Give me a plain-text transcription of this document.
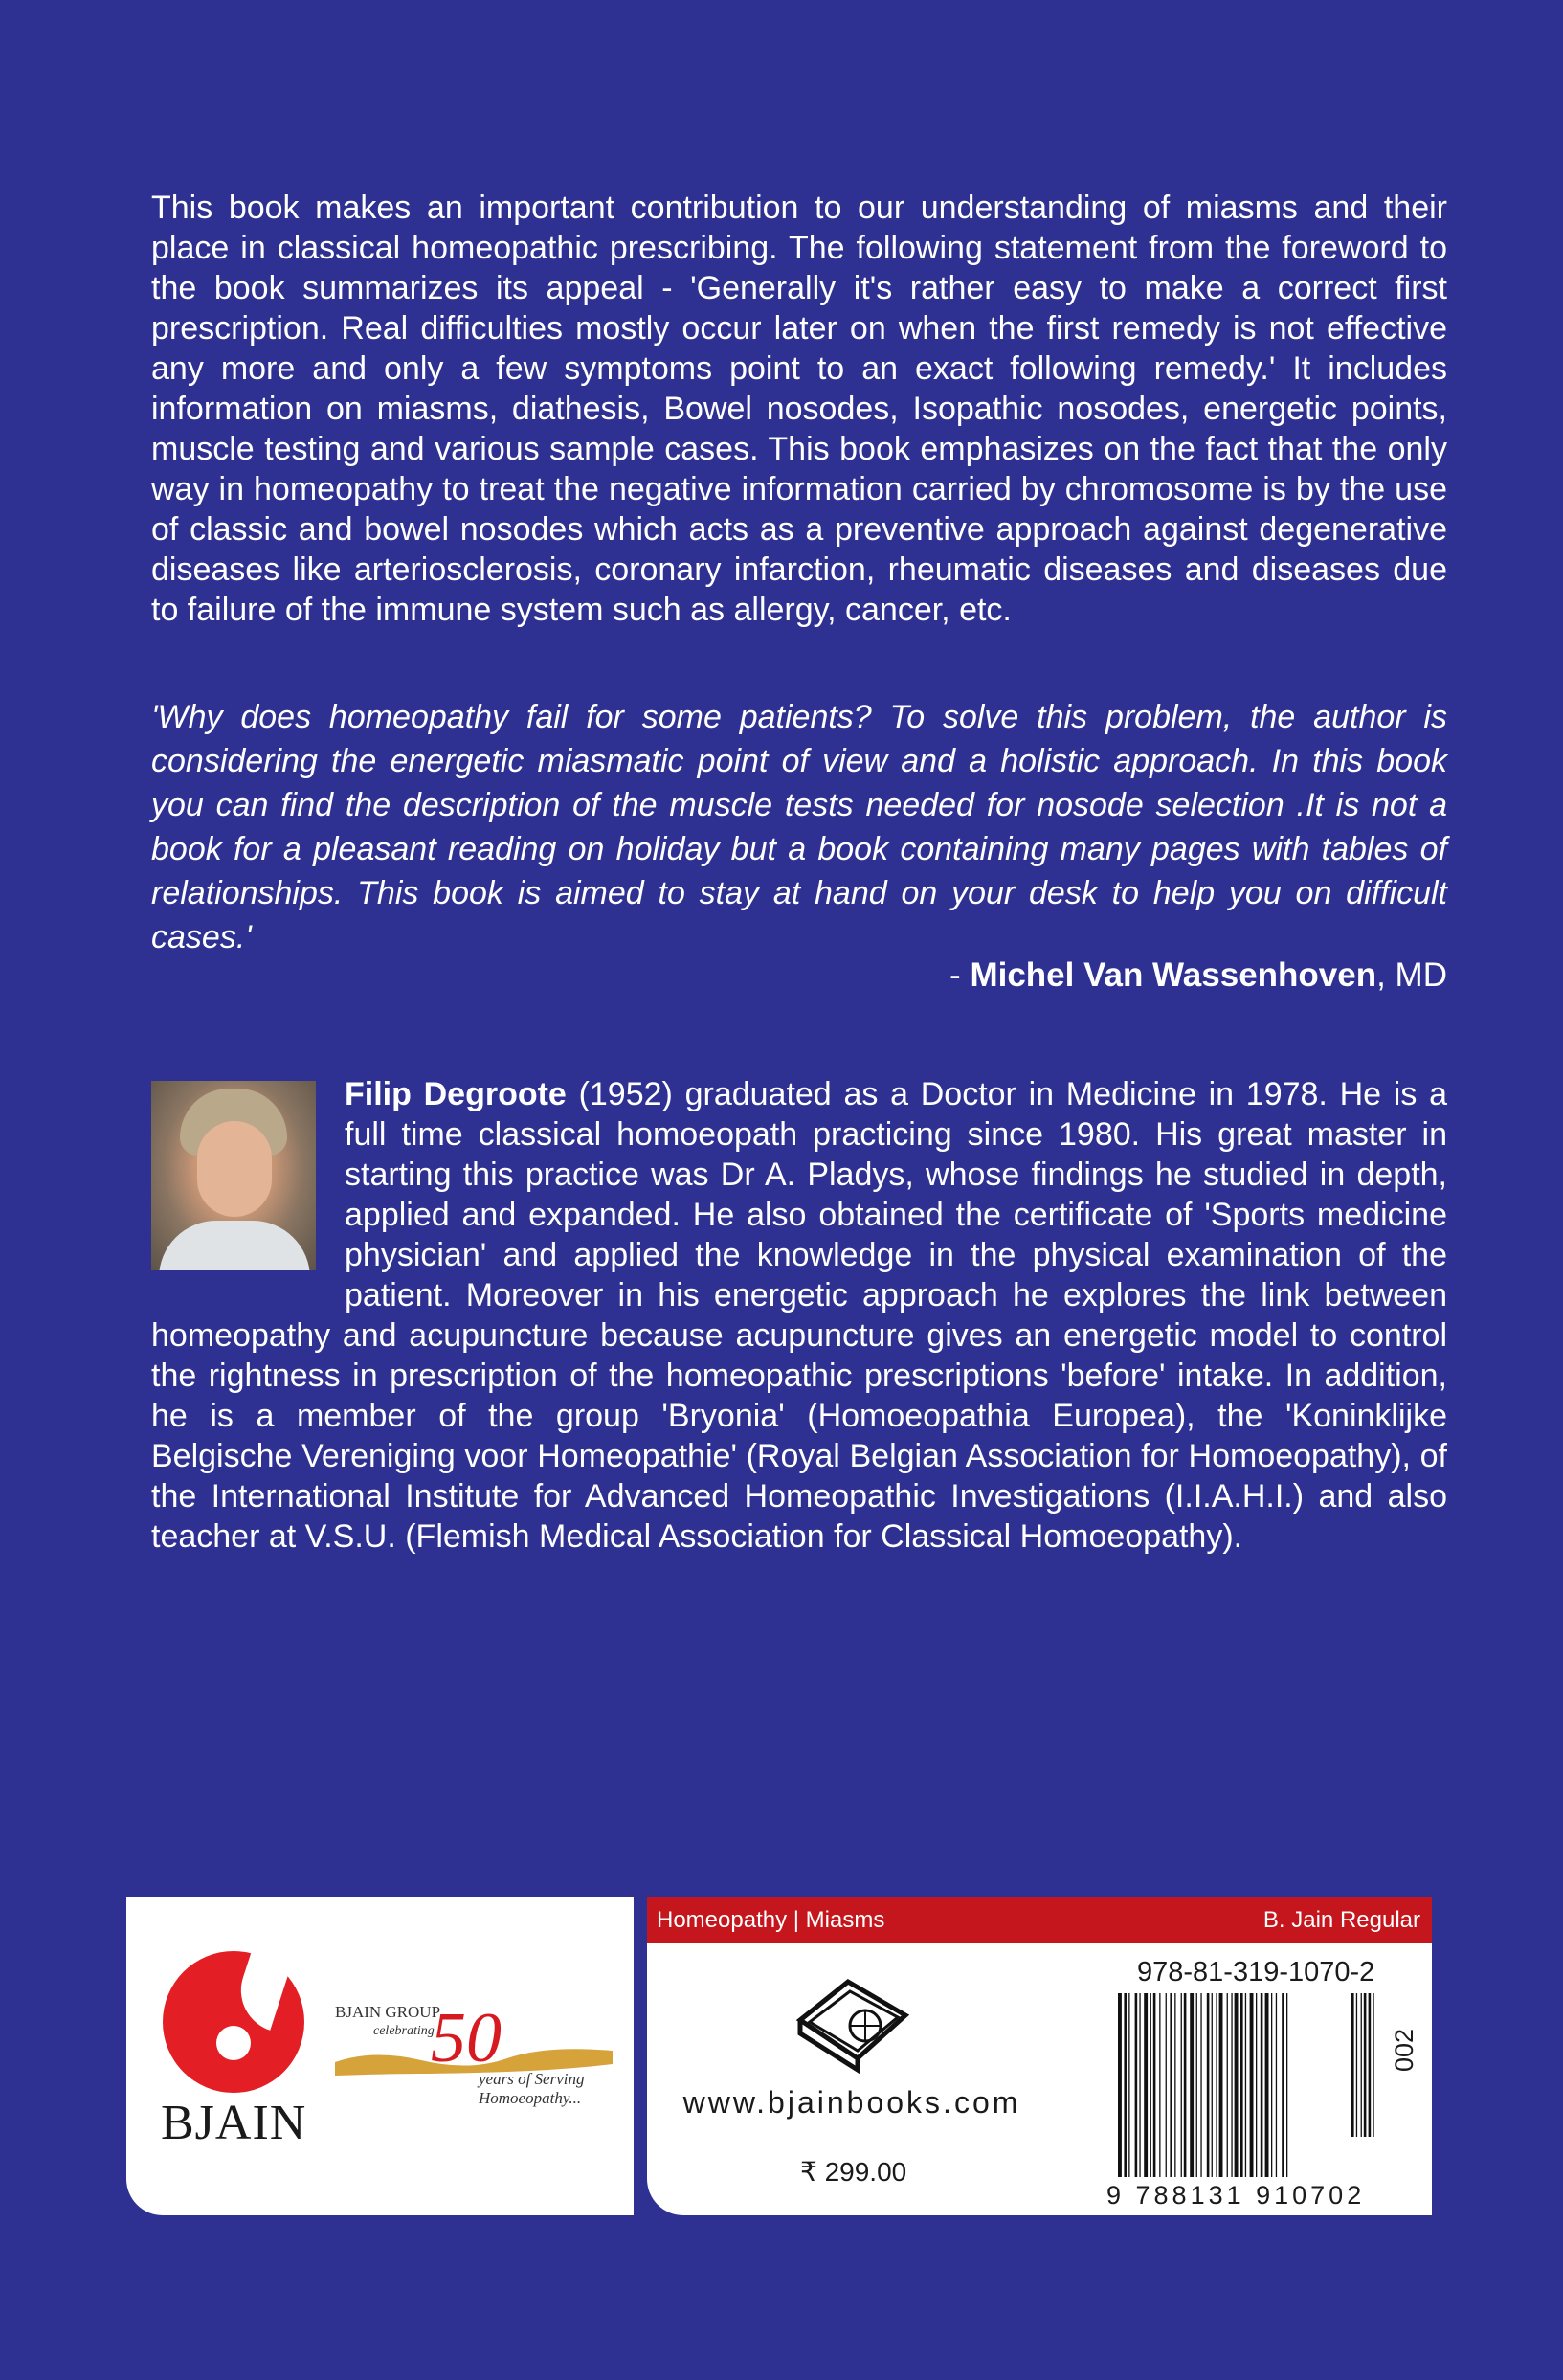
This book makes an important contribution to our understanding of miasms and their place in classical homeopathic prescribing. The following statement from the foreword to the book summarizes its appeal - 'Generally it's rather easy to make a correct first prescription. Real difficulties mostly occur later on when the first remedy is not effective any more and only a few symptoms point to an exact following remedy.' It includes information on miasms, diathesis, Bowel nosodes, Isopathic nosodes, energetic points, muscle testing and various sample cases. This book emphasizes on the fact that the only way in homeopathy to treat the negative information carried by chromosome is by the use of classic and bowel nosodes which acts as a preventive approach against degenerative diseases like arteriosclerosis, coronary infarction, rheumatic diseases and diseases due to failure of the immune system such as allergy, cancer, etc.

'Why does homeopathy fail for some patients? To solve this problem, the author is considering the energetic miasmatic point of view and a holistic approach. In this book you can find the description of the muscle tests needed for nosode selection .It is not a book for a pleasant reading on holiday but a book containing many pages with tables of relationships. This book is aimed to stay at hand on your desk to help you on difficult cases.'

- Michel Van Wassenhoven, MD

Filip Degroote (1952) graduated as a Doctor in Medicine in 1978. He is a full time classical homoeopath practicing since 1980. His great master in starting this practice was Dr A. Pladys, whose findings he studied in depth, applied and expanded. He also obtained the certificate of 'Sports medicine physician' and applied the knowledge in the physical examination of the patient. Moreover in his energetic approach he explores the link between homeopathy and acupuncture because acupuncture gives an energetic model to control the rightness in prescription of the homeopathic prescriptions 'before' intake. In addition, he is a member of the group 'Bryonia' (Homoeopathia Europea), the 'Koninklijke Belgische Vereniging voor Homeopathie' (Royal Belgian Association for Homoeopathy), of the International Institute for Advanced Homeopathic Investigations (I.I.A.H.I.) and also teacher at V.S.U. (Flemish Medical Association for Classical Homoeopathy).

BJAIN
BJAIN GROUP
celebrating
50
years of Serving
Homoeopathy...
Homeopathy | Miasms	B. Jain Regular
www.bjainbooks.com
₹ 299.00
978-81-319-1070-2
9 788131 910702
002
